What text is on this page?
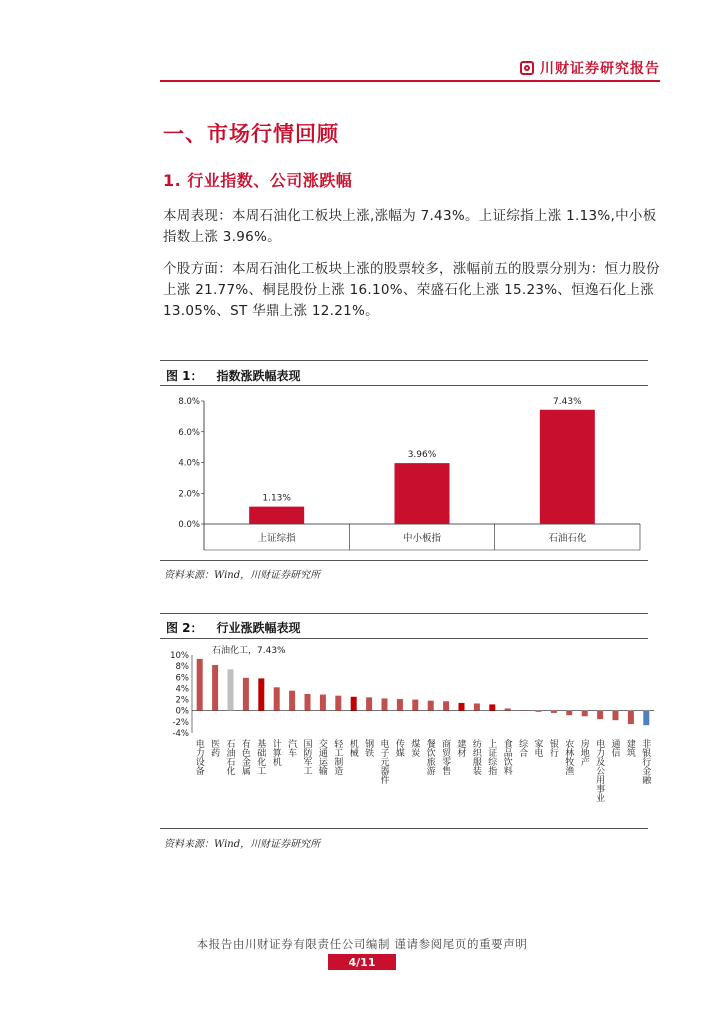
川财证券研究报告
一、市场行情回顾
1. 行业指数、公司涨跌幅
本周表现：本周石油化工板块上涨,涨幅为 7.43%。上证综指上涨 1.13%,中小板指数上涨 3.96%。
个股方面：本周石油化工板块上涨的股票较多，涨幅前五的股票分别为：恒力股份上涨 21.77%、桐昆股份上涨 16.10%、荣盛石化上涨 15.23%、恒逸石化上涨 13.05%、ST 华鼎上涨 12.21%。
图 1： 指数涨跌幅表现
0.0%
2.0%
4.0%
6.0%
8.0%
1.13%
上证综指
3.96%
中小板指
7.43%
石油石化
资料来源：Wind，川财证券研究所
图 2： 行业涨跌幅表现
-4%
-2%
0%
2%
4%
6%
8%
10%
电力设备 医药 石油石化 有色金属 基础化工 计算机 汽车 国防军工 交通运输 轻工制造 机械 钢铁 电子元器件 传媒 煤炭 餐饮旅游 商贸零售 建材 纺织服装 上证综指 食品饮料 综合 家电 银行 农林牧渔 房地产 电力及公用事业 通信 建筑 非银行金融
石油化工，7.43%
资料来源：Wind，川财证券研究所
本报告由川财证券有限责任公司编制 谨请参阅尾页的重要声明
4/11
